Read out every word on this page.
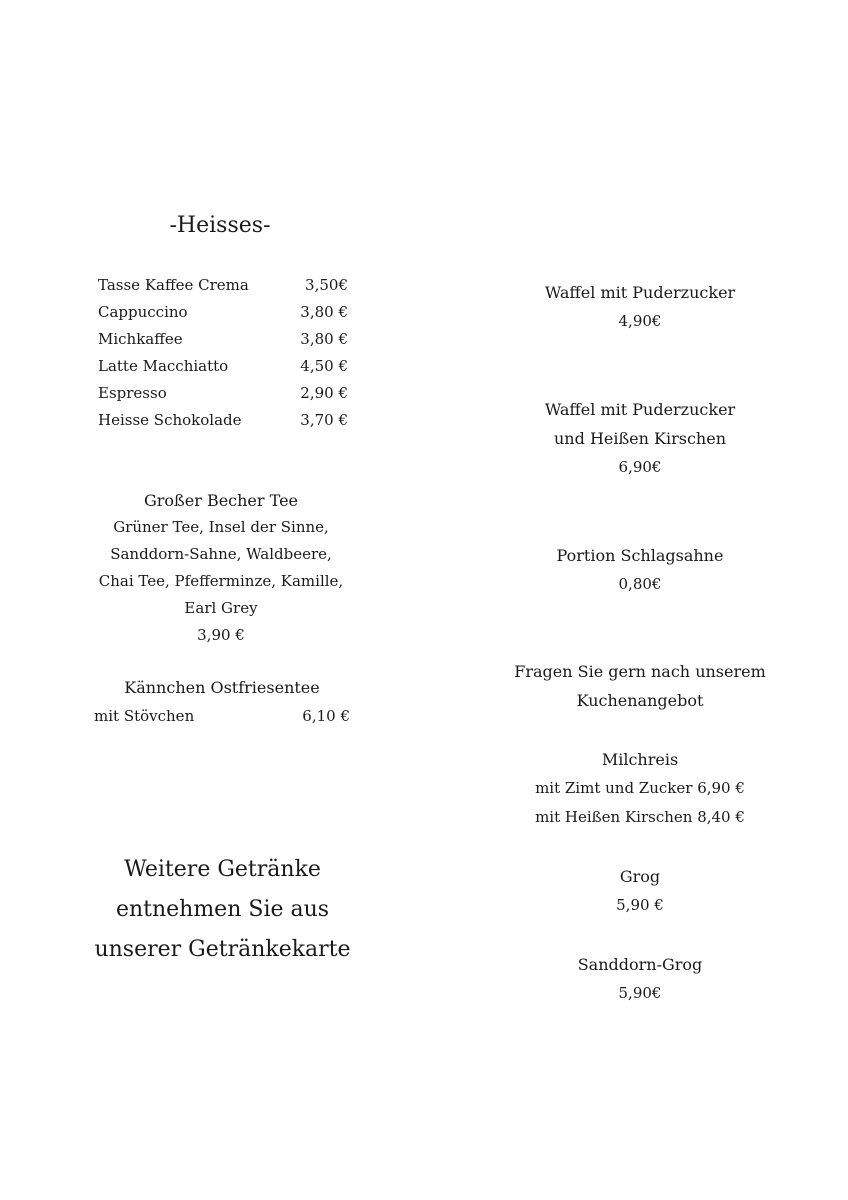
-Heisses-
Tasse Kaffee Crema	3,50€
Cappuccino	3,80 €
Michkaffee	3,80 €
Latte Macchiatto	4,50 €
Espresso	2,90 €
Heisse Schokolade	3,70 €
Großer Becher Tee
Grüner Tee, Insel der Sinne,
Sanddorn-Sahne, Waldbeere,
Chai Tee, Pfefferminze, Kamille,
Earl Grey
3,90 €
Kännchen Ostfriesentee
mit Stövchen	6,10 €
Weitere Getränke
entnehmen Sie aus
unserer Getränkekarte
Waffel mit Puderzucker
4,90€
Waffel mit Puderzucker
und Heißen Kirschen
6,90€
Portion Schlagsahne
0,80€
Fragen Sie gern nach unserem
Kuchenangebot
Milchreis
mit Zimt und Zucker 6,90 €
mit Heißen Kirschen 8,40 €
Grog
5,90 €
Sanddorn-Grog
5,90€
